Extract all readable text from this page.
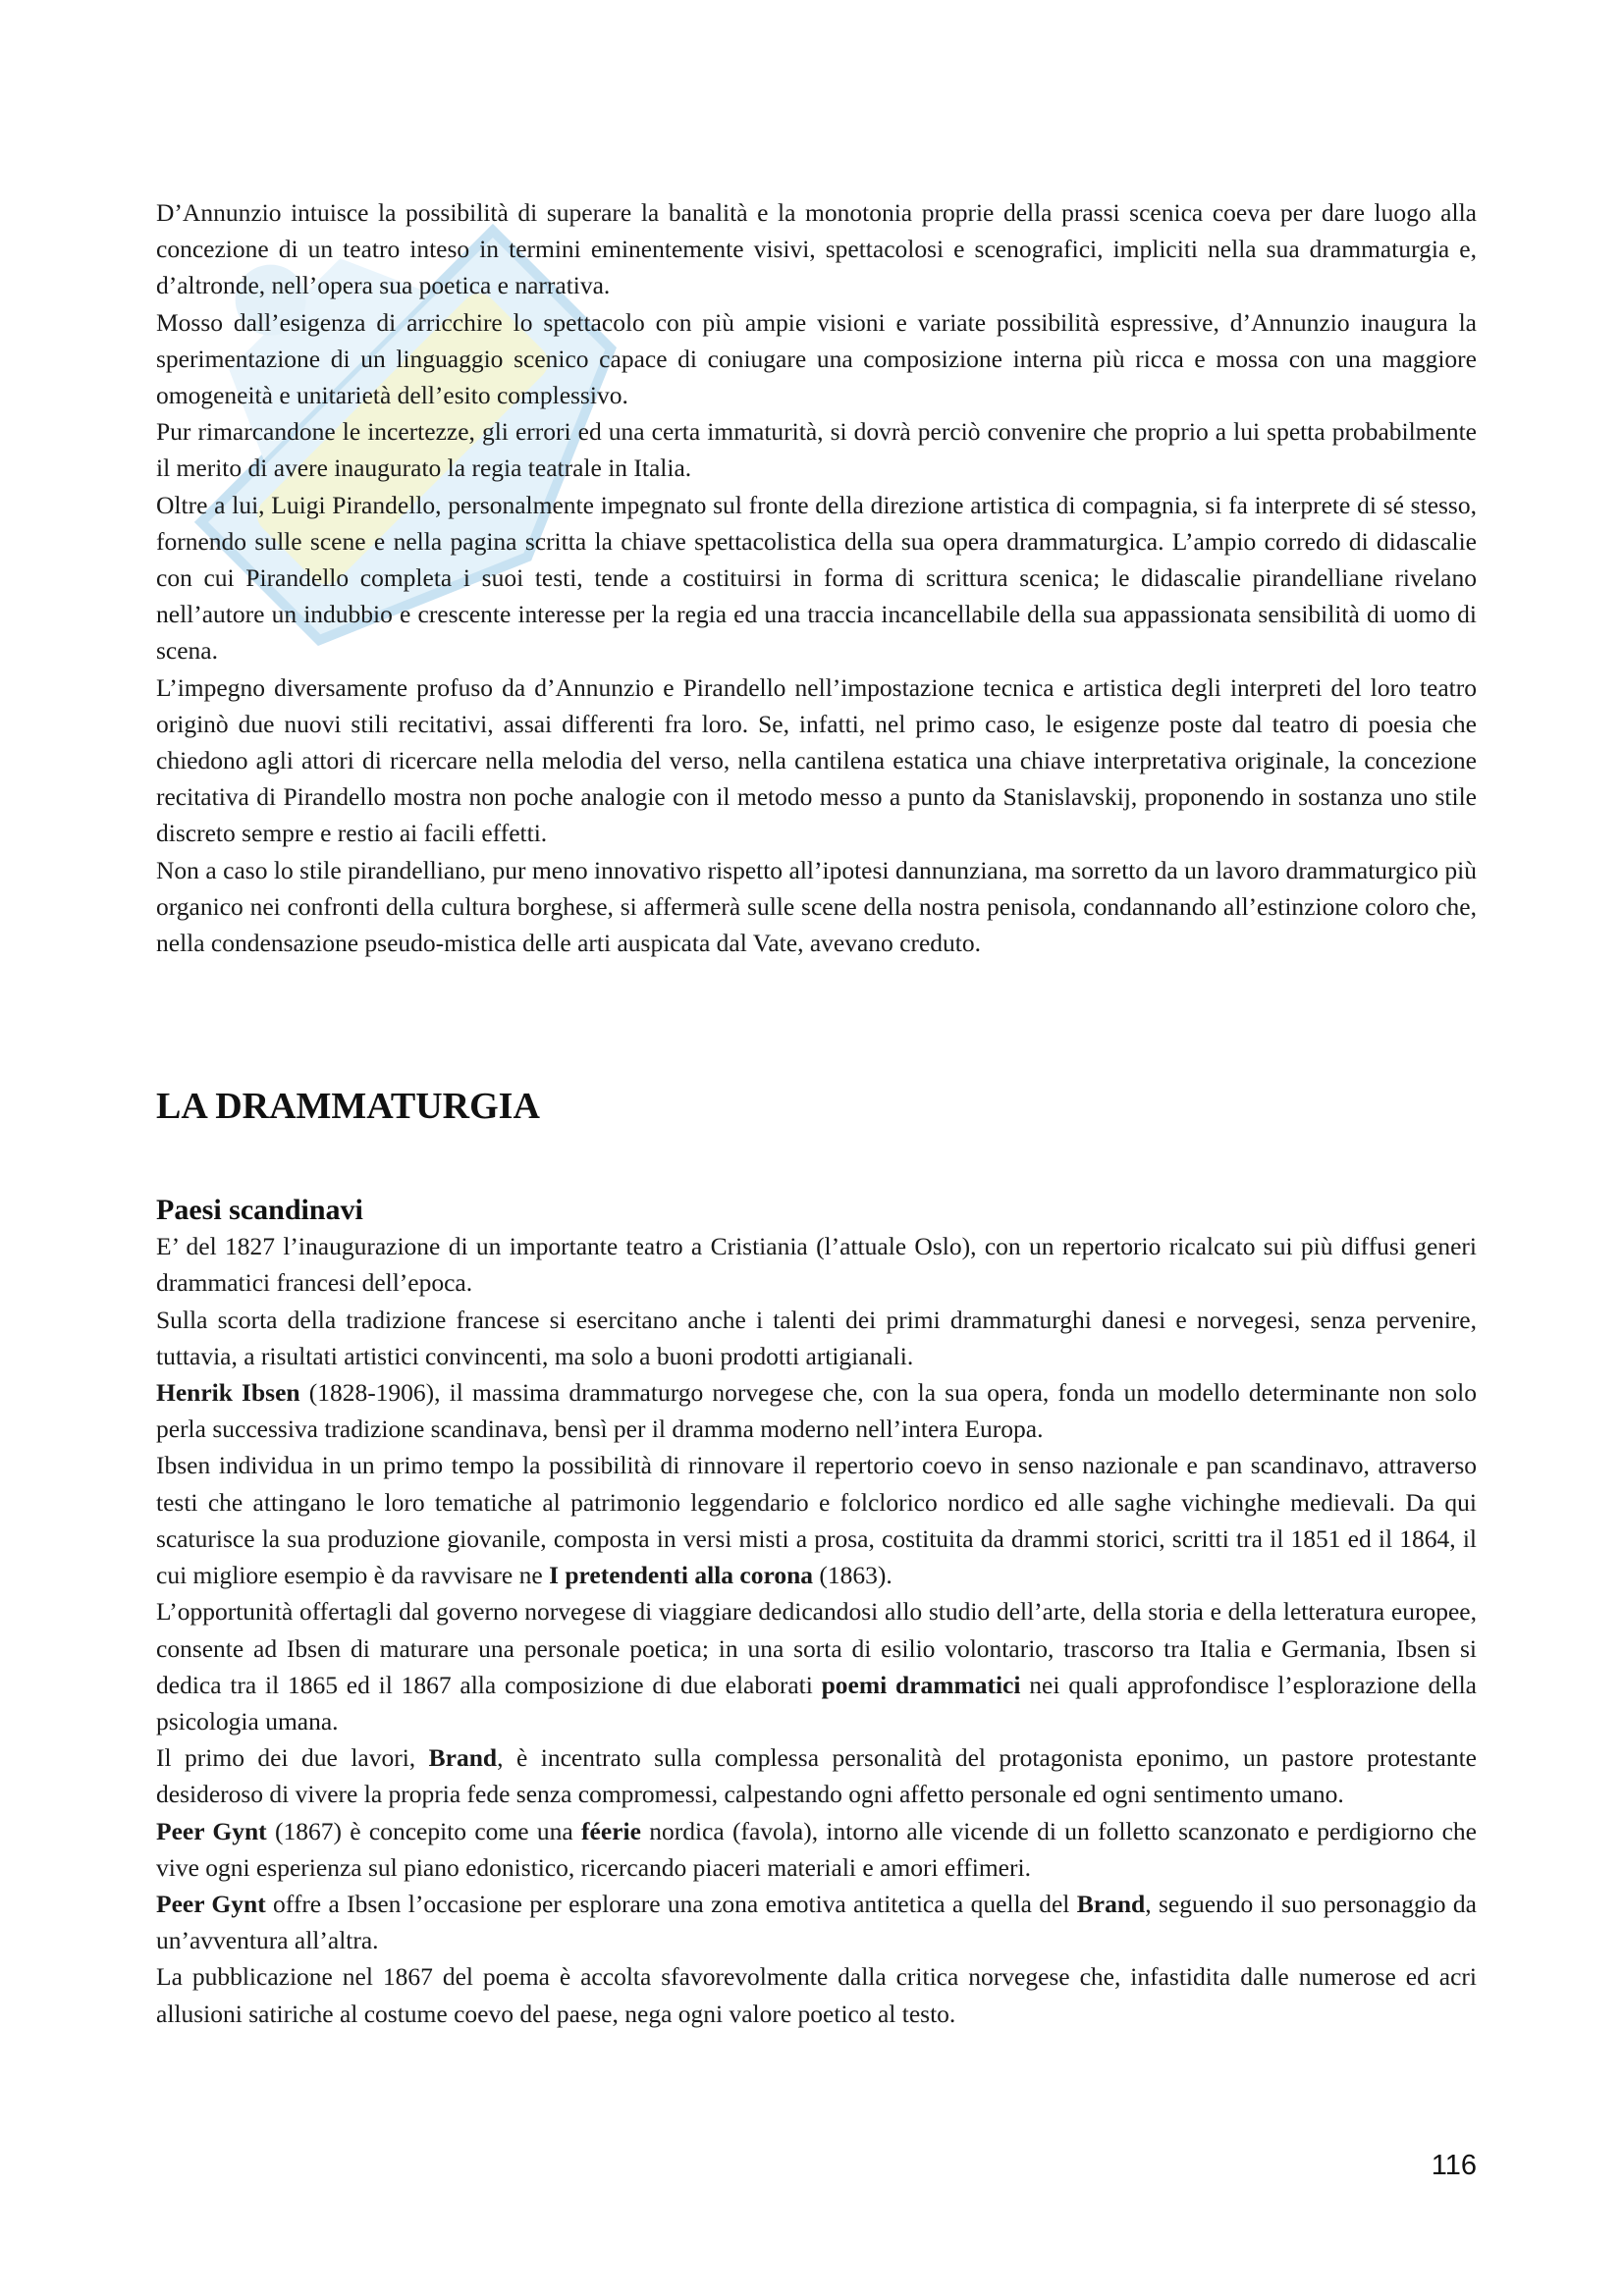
D’Annunzio intuisce la possibilità di superare la banalità e la monotonia proprie della prassi scenica coeva per dare luogo alla concezione di un teatro inteso in termini eminentemente visivi, spettacolosi e scenografici, impliciti nella sua drammaturgia e, d’altronde, nell’opera sua poetica e narrativa.

Mosso dall’esigenza di arricchire lo spettacolo con più ampie visioni e variate possibilità espressive, d’Annunzio inaugura la sperimentazione di un linguaggio scenico capace di coniugare una composizione interna più ricca e mossa con una maggiore omogeneità e unitarietà dell’esito complessivo.

Pur rimarcandone le incertezze, gli errori ed una certa immaturità, si dovrà perciò convenire che proprio a lui spetta probabilmente il merito di avere inaugurato la regia teatrale in Italia.

Oltre a lui, Luigi Pirandello, personalmente impegnato sul fronte della direzione artistica di compagnia, si fa interprete di sé stesso, fornendo sulle scene e nella pagina scritta la chiave spettacolistica della sua opera drammaturgica. L’ampio corredo di didascalie con cui Pirandello completa i suoi testi, tende a costituirsi in forma di scrittura scenica; le didascalie pirandelliane rivelano nell’autore un indubbio e crescente interesse per la regia ed una traccia incancellabile della sua appassionata sensibilità di uomo di scena.

L’impegno diversamente profuso da d’Annunzio e Pirandello nell’impostazione tecnica e artistica degli interpreti del loro teatro originò due nuovi stili recitativi, assai differenti fra loro. Se, infatti, nel primo caso, le esigenze poste dal teatro di poesia che chiedono agli attori di ricercare nella melodia del verso, nella cantilena estatica una chiave interpretativa originale, la concezione recitativa di Pirandello mostra non poche analogie con il metodo messo a punto da Stanislavskij, proponendo in sostanza uno stile discreto sempre e restio ai facili effetti.

Non a caso lo stile pirandelliano, pur meno innovativo rispetto all’ipotesi dannunziana, ma sorretto da un lavoro drammaturgico più organico nei confronti della cultura borghese, si affermerà sulle scene della nostra penisola, condannando all’estinzione coloro che, nella condensazione pseudo-mistica delle arti auspicata dal Vate, avevano creduto.

LA DRAMMATURGIA
Paesi scandinavi

E’ del 1827 l’inaugurazione di un importante teatro a Cristiania (l’attuale Oslo), con un repertorio ricalcato sui più diffusi generi drammatici francesi dell’epoca.

Sulla scorta della tradizione francese si esercitano anche i talenti dei primi drammaturghi danesi e norvegesi, senza pervenire, tuttavia, a risultati artistici convincenti, ma solo a buoni prodotti artigianali.

Henrik Ibsen (1828-1906), il massima drammaturgo norvegese che, con la sua opera, fonda un modello determinante non solo perla successiva tradizione scandinava, bensì per il dramma moderno nell’intera Europa.

Ibsen individua in un primo tempo la possibilità di rinnovare il repertorio coevo in senso nazionale e pan scandinavo, attraverso testi che attingano le loro tematiche al patrimonio leggendario e folclorico nordico ed alle saghe vichinghe medievali. Da qui scaturisce la sua produzione giovanile, composta in versi misti a prosa, costituita da drammi storici, scritti tra il 1851 ed il 1864, il cui migliore esempio è da ravvisare ne I pretendenti alla corona (1863).

L’opportunità offertagli dal governo norvegese di viaggiare dedicandosi allo studio dell’arte, della storia e della letteratura europee, consente ad Ibsen di maturare una personale poetica; in una sorta di esilio volontario, trascorso tra Italia e Germania, Ibsen si dedica tra il 1865 ed il 1867 alla composizione di due elaborati poemi drammatici nei quali approfondisce l’esplorazione della psicologia umana.

Il primo dei due lavori, Brand, è incentrato sulla complessa personalità del protagonista eponimo, un pastore protestante desideroso di vivere la propria fede senza compromessi, calpestando ogni affetto personale ed ogni sentimento umano.

Peer Gynt (1867) è concepito come una féerie nordica (favola), intorno alle vicende di un folletto scanzonato e perdigiorno che vive ogni esperienza sul piano edonistico, ricercando piaceri materiali e amori effimeri.

Peer Gynt offre a Ibsen l’occasione per esplorare una zona emotiva antitetica a quella del Brand, seguendo il suo personaggio da un’avventura all’altra.

La pubblicazione nel 1867 del poema è accolta sfavorevolmente dalla critica norvegese che, infastidita dalle numerose ed acri allusioni satiriche al costume coevo del paese, nega ogni valore poetico al testo.

116
